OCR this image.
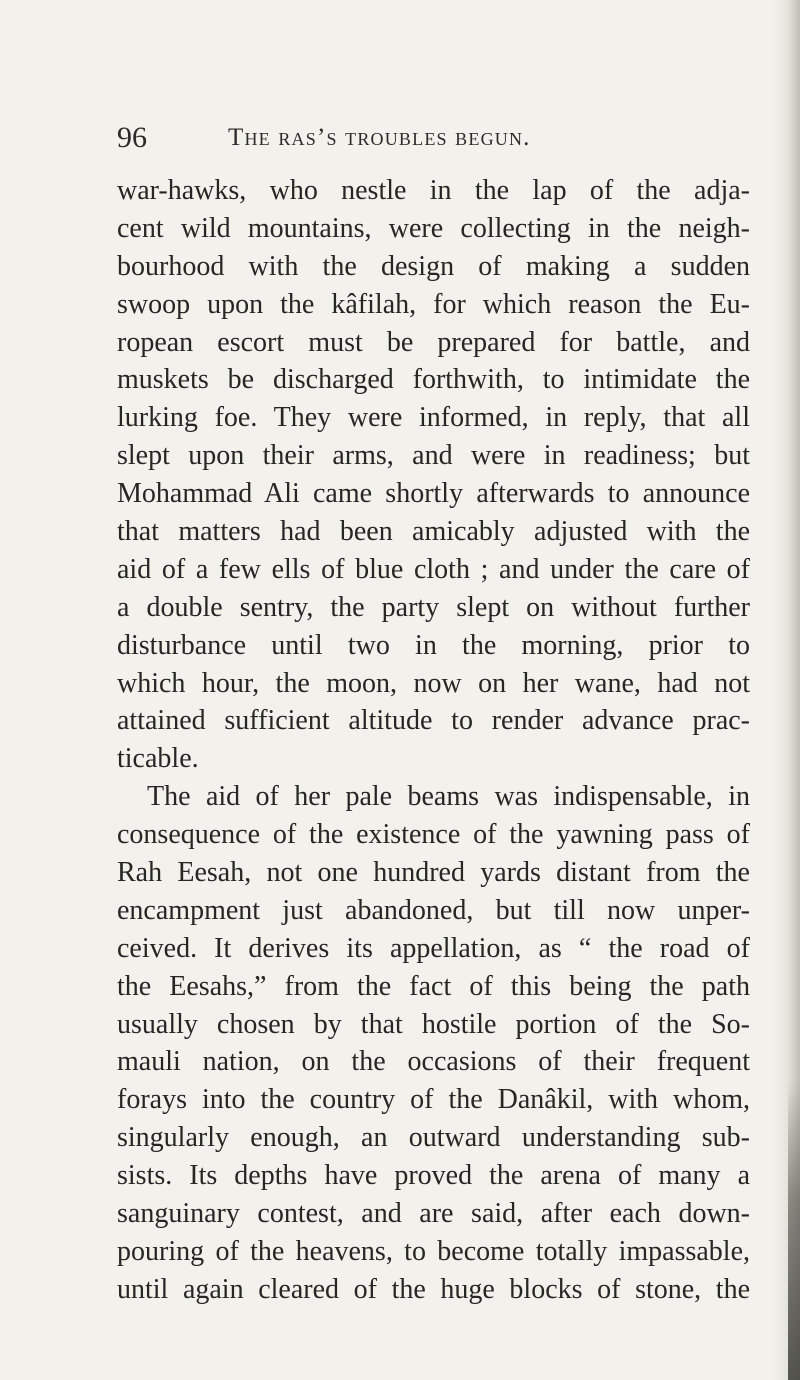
96	the ras’s troubles begun.
war-hawks, who nestle in the lap of the adja-
cent wild mountains, were collecting in the neigh-
bourhood with the design of making a sudden
swoop upon the kâfilah, for which reason the Eu-
ropean escort must be prepared for battle, and
muskets be discharged forthwith, to intimidate the
lurking foe. They were informed, in reply, that all
slept upon their arms, and were in readiness; but
Mohammad Ali came shortly afterwards to announce
that matters had been amicably adjusted with the
aid of a few ells of blue cloth ; and under the care of
a double sentry, the party slept on without further
disturbance until two in the morning, prior to
which hour, the moon, now on her wane, had not
attained sufficient altitude to render advance prac-
ticable.
The aid of her pale beams was indispensable, in
consequence of the existence of the yawning pass of
Rah Eesah, not one hundred yards distant from the
encampment just abandoned, but till now unper-
ceived. It derives its appellation, as “ the road of
the Eesahs,” from the fact of this being the path
usually chosen by that hostile portion of the So-
mauli nation, on the occasions of their frequent
forays into the country of the Danâkil, with whom,
singularly enough, an outward understanding sub-
sists. Its depths have proved the arena of many a
sanguinary contest, and are said, after each down-
pouring of the heavens, to become totally impassable,
until again cleared of the huge blocks of stone, the
